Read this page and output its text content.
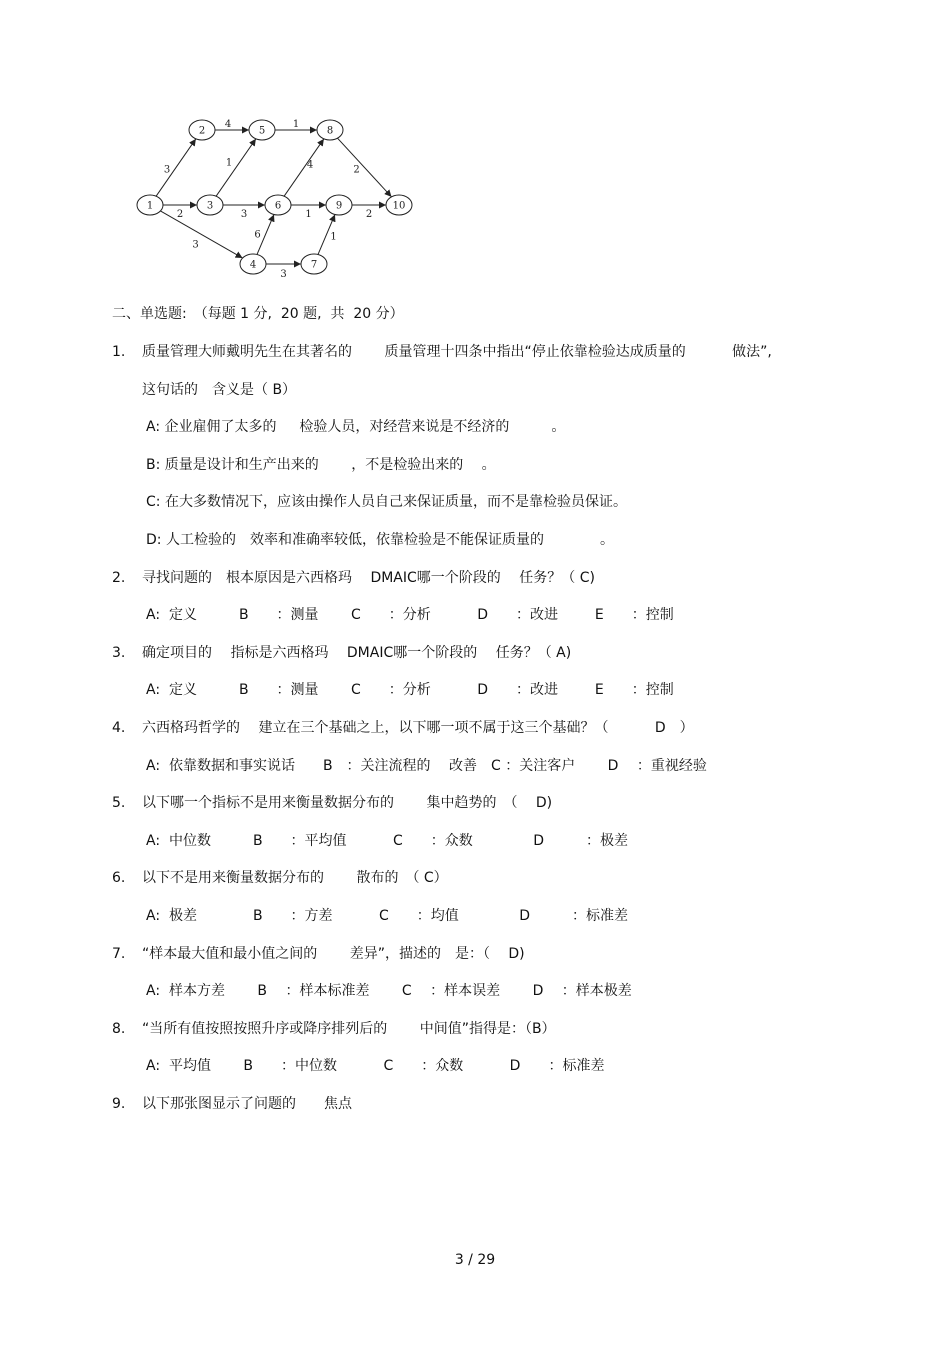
3
2
3
4
1
3
6
3
1
4
1
1
2
2
1
2
3
4
5
6
7
8
9	10
二、单选题:　（每题 1 分,  20 题,  共  20 分）
1. 质量管理大师戴明先生在其著名的　　 质量管理十四条中指出“停止依靠检验达成质量的　　　 做法”,
这句话的　含义是（ B）
A: 企业雇佣了太多的　  检验人员，对经营来说是不经济的　　　。
B: 质量是设计和生产出来的　　 ，不是检验出来的　 。
C: 在大多数情况下，应该由操作人员自己来保证质量，而不是靠检验员保证。
D: 人工检验的　效率和准确率较低，依靠检验是不能保证质量的　　　　。
2. 寻找问题的　根本原因是六西格玛　 DMAIC哪一个阶段的　 任务？（ C)
A:  定义　　　B　　：测量　　 C　　：分析　　　 D　　：改进　　  E　　：控制
3. 确定项目的　 指标是六西格玛　 DMAIC哪一个阶段的　 任务？（ A)
A:  定义　　　B　　：测量　　 C　　：分析　　　 D　　：改进　　  E　　：控制
4. 六西格玛哲学的　 建立在三个基础之上，以下哪一项不属于这三个基础？（　　　 D　）
A:  依靠数据和事实说话　　B　：关注流程的　 改善　C ：关注客户　　 D　 ：重视经验
5. 以下哪一个指标不是用来衡量数据分布的　　 集中趋势的　（　 D)
A:  中位数　　　B　　：平均值　　　 C　　：众数　　　　 D　　　：极差
6. 以下不是用来衡量数据分布的　　 散布的　（ C）
A:  极差　　　　B　　：方差　　　 C　　：均值　　　　 D　　　：标准差
7. “样本最大值和最小值之间的　　 差异”，描述的　是：（　 D)
A:  样本方差　　 B　 ：样本标准差　　 C　 ：样本误差　　 D　 ：样本极差
8. “当所有值按照按照升序或降序排列后的　　 中间值”指得是：（B）
A:  平均值　　 B　　：中位数　　　 C　　：众数　　　 D　　：标准差
9. 以下那张图显示了问题的　　焦点
3 / 29
